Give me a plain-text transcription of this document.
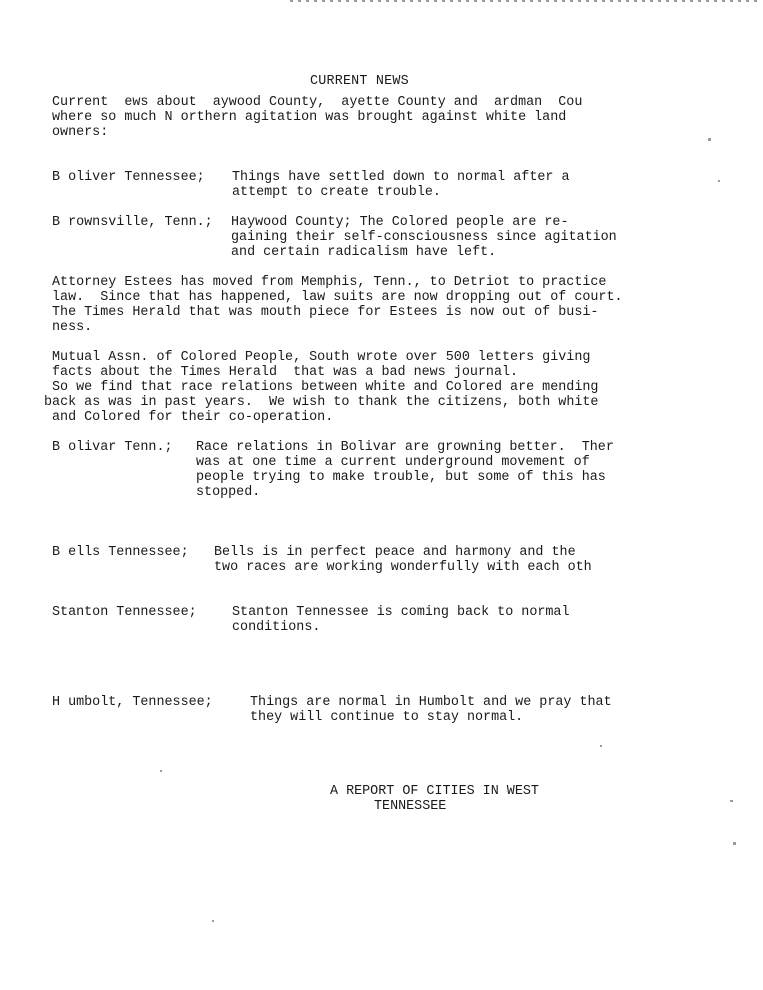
CURRENT NEWS
Current  ews about  aywood County,  ayette County and  ardman  Cou
where so much N orthern agitation was brought against white land
owners:
B oliver Tennessee; Things have settled down to normal after a
attempt to create trouble.
B rownsville, Tenn.; Haywood County; The Colored people are re-
gaining their self-consciousness since agitation
and certain radicalism have left.
Attorney Estees has moved from Memphis, Tenn., to Detriot to practice
law.  Since that has happened, law suits are now dropping out of court.
The Times Herald that was mouth piece for Estees is now out of busi-
ness.
Mutual Assn. of Colored People, South wrote over 500 letters giving
facts about the Times Herald  that was a bad news journal.
So we find that race relations between white and Colored are mending
back as was in past years.  We wish to thank the citizens, both white
and Colored for their co-operation.
B olivar Tenn.; Race relations in Bolivar are growning better.  Ther
was at one time a current underground movement of
people trying to make trouble, but some of this has
stopped.
B ells Tennessee; Bells is in perfect peace and harmony and the
two races are working wonderfully with each oth
Stanton Tennessee;	Stanton Tennessee is coming back to normal
conditions.
H umbolt, Tennessee;	Things are normal in Humbolt and we pray that
they will continue to stay normal.
A REPORT OF CITIES IN WEST
TENNESSEE
